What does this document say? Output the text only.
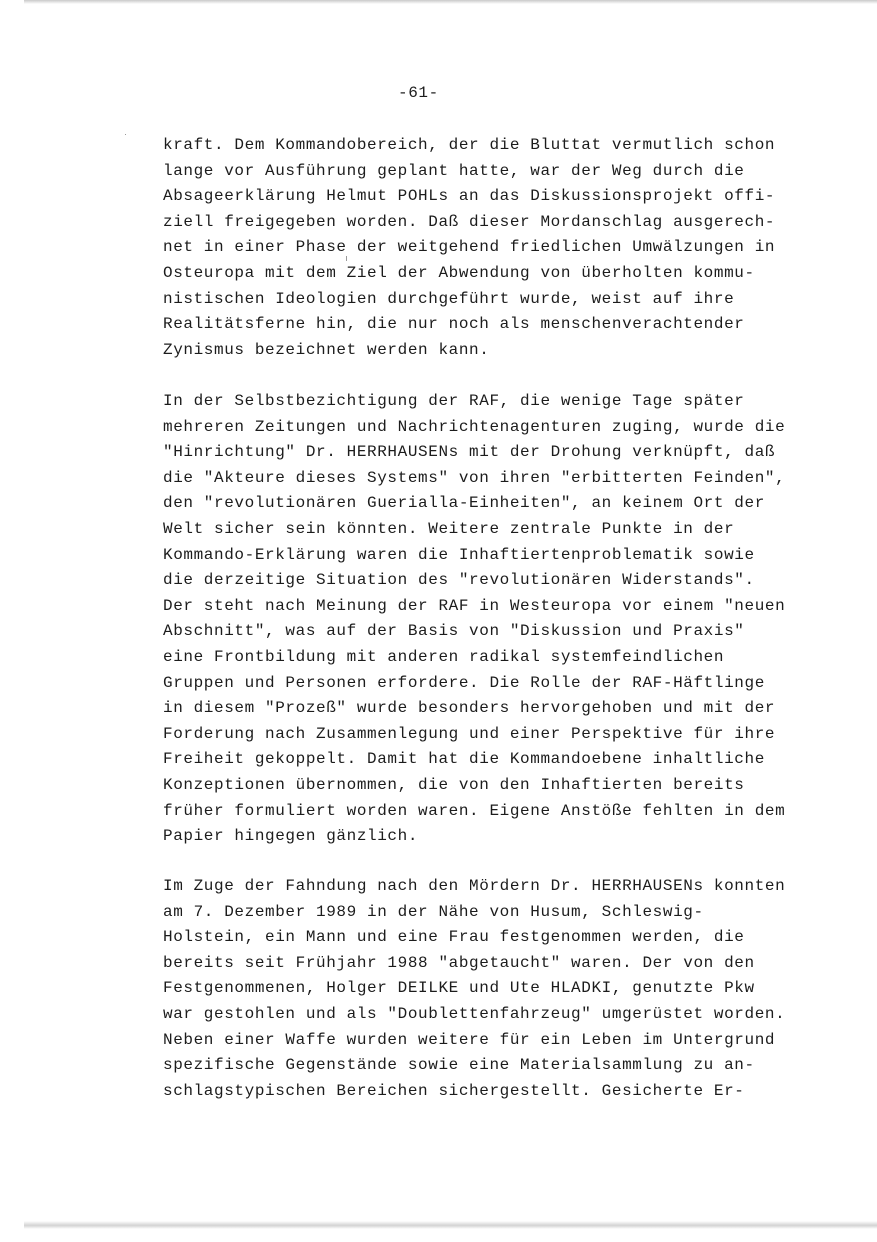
-61-
kraft. Dem Kommandobereich, der die Bluttat vermutlich schon
lange vor Ausführung geplant hatte, war der Weg durch die
Absageerklärung Helmut POHLs an das Diskussionsprojekt offi-
ziell freigegeben worden. Daß dieser Mordanschlag ausgerech-
net in einer Phase der weitgehend friedlichen Umwälzungen in
Osteuropa mit dem Ziel der Abwendung von überholten kommu-
nistischen Ideologien durchgeführt wurde, weist auf ihre
Realitätsferne hin, die nur noch als menschenverachtender
Zynismus bezeichnet werden kann.
In der Selbstbezichtigung der RAF, die wenige Tage später
mehreren Zeitungen und Nachrichtenagenturen zuging, wurde die
"Hinrichtung" Dr. HERRHAUSENs mit der Drohung verknüpft, daß
die "Akteure dieses Systems" von ihren "erbitterten Feinden",
den "revolutionären Guerialla-Einheiten", an keinem Ort der
Welt sicher sein könnten. Weitere zentrale Punkte in der
Kommando-Erklärung waren die Inhaftiertenproblematik sowie
die derzeitige Situation des "revolutionären Widerstands".
Der steht nach Meinung der RAF in Westeuropa vor einem "neuen
Abschnitt", was auf der Basis von "Diskussion und Praxis"
eine Frontbildung mit anderen radikal systemfeindlichen
Gruppen und Personen erfordere. Die Rolle der RAF-Häftlinge
in diesem "Prozeß" wurde besonders hervorgehoben und mit der
Forderung nach Zusammenlegung und einer Perspektive für ihre
Freiheit gekoppelt. Damit hat die Kommandoebene inhaltliche
Konzeptionen übernommen, die von den Inhaftierten bereits
früher formuliert worden waren. Eigene Anstöße fehlten in dem
Papier hingegen gänzlich.
Im Zuge der Fahndung nach den Mördern Dr. HERRHAUSENs konnten
am 7. Dezember 1989 in der Nähe von Husum, Schleswig-
Holstein, ein Mann und eine Frau festgenommen werden, die
bereits seit Frühjahr 1988 "abgetaucht" waren. Der von den
Festgenommenen, Holger DEILKE und Ute HLADKI, genutzte Pkw
war gestohlen und als "Doublettenfahrzeug" umgerüstet worden.
Neben einer Waffe wurden weitere für ein Leben im Untergrund
spezifische Gegenstände sowie eine Materialsammlung zu an-
schlagstypischen Bereichen sichergestellt. Gesicherte Er-
